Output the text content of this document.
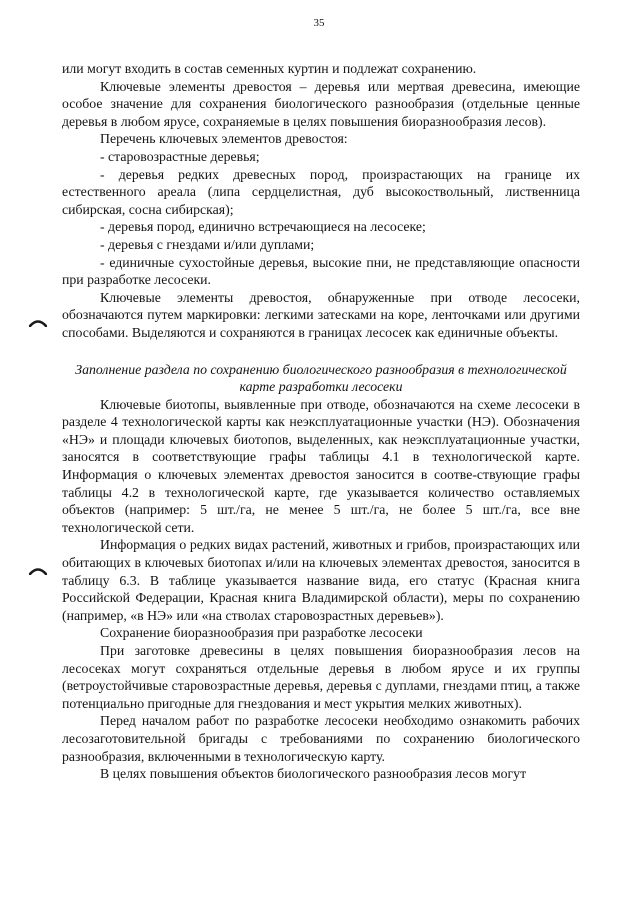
35

или могут входить в состав семенных куртин и подлежат сохранению.

Ключевые элементы древостоя – деревья или мертвая древесина, имеющие особое значение для сохранения биологического разнообразия (отдельные ценные деревья в любом ярусе, сохраняемые в целях повышения биоразнообразия лесов).

Перечень ключевых элементов древостоя:

- старовозрастные деревья;

- деревья редких древесных пород, произрастающих на границе их естественного ареала (липа сердцелистная, дуб высокоствольный, лиственница сибирская, сосна сибирская);

- деревья пород, единично встречающиеся на лесосеке;

- деревья с гнездами и/или дуплами;

- единичные сухостойные деревья, высокие пни, не представляющие опасности при разработке лесосеки.

Ключевые элементы древостоя, обнаруженные при отводе лесосеки, обозначаются путем маркировки: легкими затесками на коре, ленточками или другими способами. Выделяются и сохраняются в границах лесосек как единичные объекты.

Заполнение раздела по сохранению биологического разнообразия в технологической карте разработки лесосеки

Ключевые биотопы, выявленные при отводе, обозначаются на схеме лесосеки в разделе 4 технологической карты как неэксплуатационные участки (НЭ). Обозначения «НЭ» и площади ключевых биотопов, выделенных, как неэксплуатационные участки, заносятся в соответствующие графы таблицы 4.1 в технологической карте. Информация о ключевых элементах древостоя заносится в соотве-ствующие графы таблицы 4.2 в технологической карте, где указывается количество оставляемых объектов (например: 5 шт./га, не менее 5 шт./га, не более 5 шт./га, все вне технологической сети.

Информация о редких видах растений, животных и грибов, произрастающих или обитающих в ключевых биотопах и/или на ключевых элементах древостоя, заносится в таблицу 6.3. В таблице указывается название вида, его статус (Красная книга Российской Федерации, Красная книга Владимирской области), меры по сохранению (например, «в НЭ» или «на стволах старовозрастных деревьев»).

Сохранение биоразнообразия при разработке лесосеки

При заготовке древесины в целях повышения биоразнообразия лесов на лесосеках могут сохраняться отдельные деревья в любом ярусе и их группы (ветроустойчивые старовозрастные деревья, деревья с дуплами, гнездами птиц, а также потенциально пригодные для гнездования и мест укрытия мелких животных).

Перед началом работ по разработке лесосеки необходимо ознакомить рабочих лесозаготовительной бригады с требованиями по сохранению биологического разнообразия, включенными в технологическую карту.

В целях повышения объектов биологического разнообразия лесов могут
